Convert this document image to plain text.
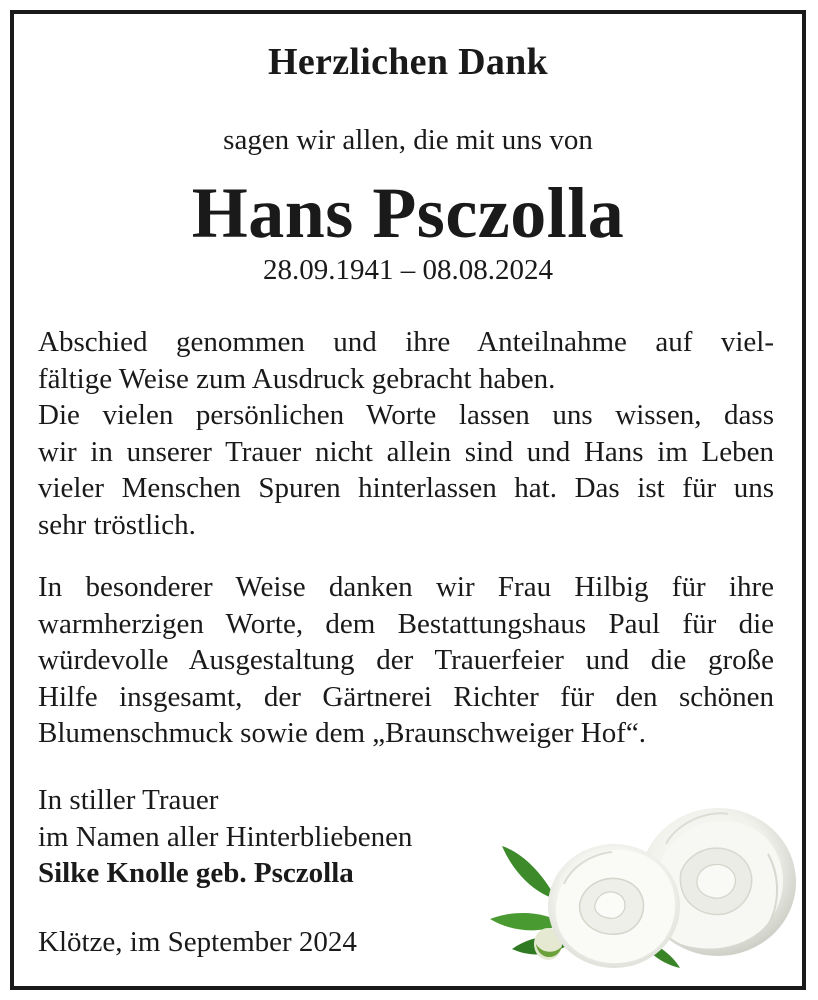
Herzlichen Dank
sagen wir allen, die mit uns von
Hans Psczolla
28.09.1941 – 08.08.2024
Abschied genommen und ihre Anteilnahme auf viel-
fältige Weise zum Ausdruck gebracht haben.
Die vielen persönlichen Worte lassen uns wissen, dass
wir in unserer Trauer nicht allein sind und Hans im Leben
vieler Menschen Spuren hinterlassen hat. Das ist für uns
sehr tröstlich.
In besonderer Weise danken wir Frau Hilbig für ihre
warmherzigen Worte, dem Bestattungshaus Paul für die
würdevolle Ausgestaltung der Trauerfeier und die große
Hilfe insgesamt, der Gärtnerei Richter für den schönen
Blumenschmuck sowie dem „Braunschweiger Hof“.
In stiller Trauer
im Namen aller Hinterbliebenen
Silke Knolle geb. Psczolla
Klötze, im September 2024
